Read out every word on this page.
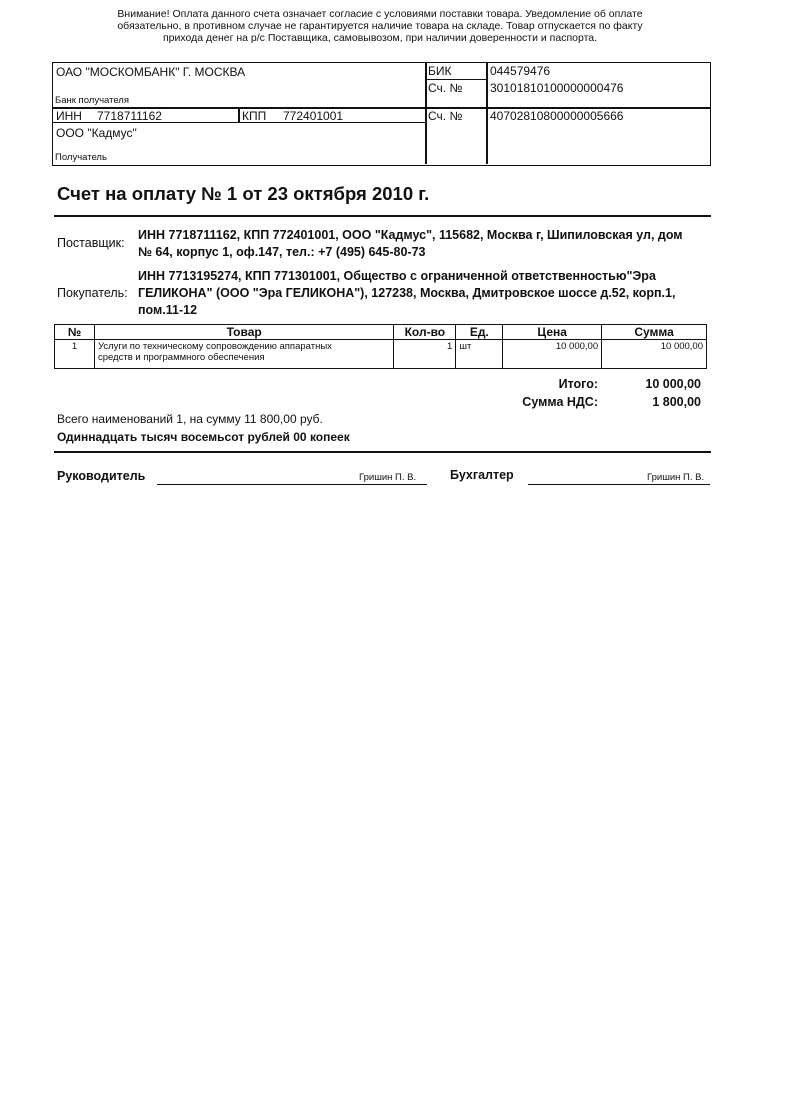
Внимание! Оплата данного счета означает согласие с условиями поставки товара. Уведомление об оплате
обязательно, в противном случае не гарантируется наличие товара на складе. Товар отпускается по факту
прихода денег на р/с Поставщика, самовывозом, при наличии доверенности и паспорта.
ОАО "МОСКОМБАНК" Г. МОСКВА
Банк получателя
БИК	044579476
Сч. № 30101810100000000476
ИНН 7718711162	КПП 772401001
ООО "Кадмус"
Получатель
Сч. № 40702810800000005666
Счет на оплату № 1 от 23 октября 2010 г.
Поставщик:
ИНН 7718711162, КПП 772401001, ООО "Кадмус", 115682, Москва г, Шипиловская ул, дом
№ 64, корпус 1, оф.147, тел.: +7 (495) 645-80-73
Покупатель:
ИНН 7713195274, КПП 771301001, Общество с ограниченной ответственностью"Эра
ГЕЛИКОНА" (ООО "Эра ГЕЛИКОНА"), 127238, Москва, Дмитровское шоссе д.52, корп.1,
пом.11-12
№	Товар	Кол-во	Ед.	Цена	Сумма
1	Услуги по техническому сопровождению аппаратных
средств и программного обеспечения	1	шт	10 000,00	10 000,00
Итого:	10 000,00
Сумма НДС:	1 800,00
Всего наименований 1, на сумму 11 800,00 руб.
Одиннадцать тысяч восемьсот рублей 00 копеек
Руководитель	Гришин П. В.	Бухгалтер	Гришин П. В.
